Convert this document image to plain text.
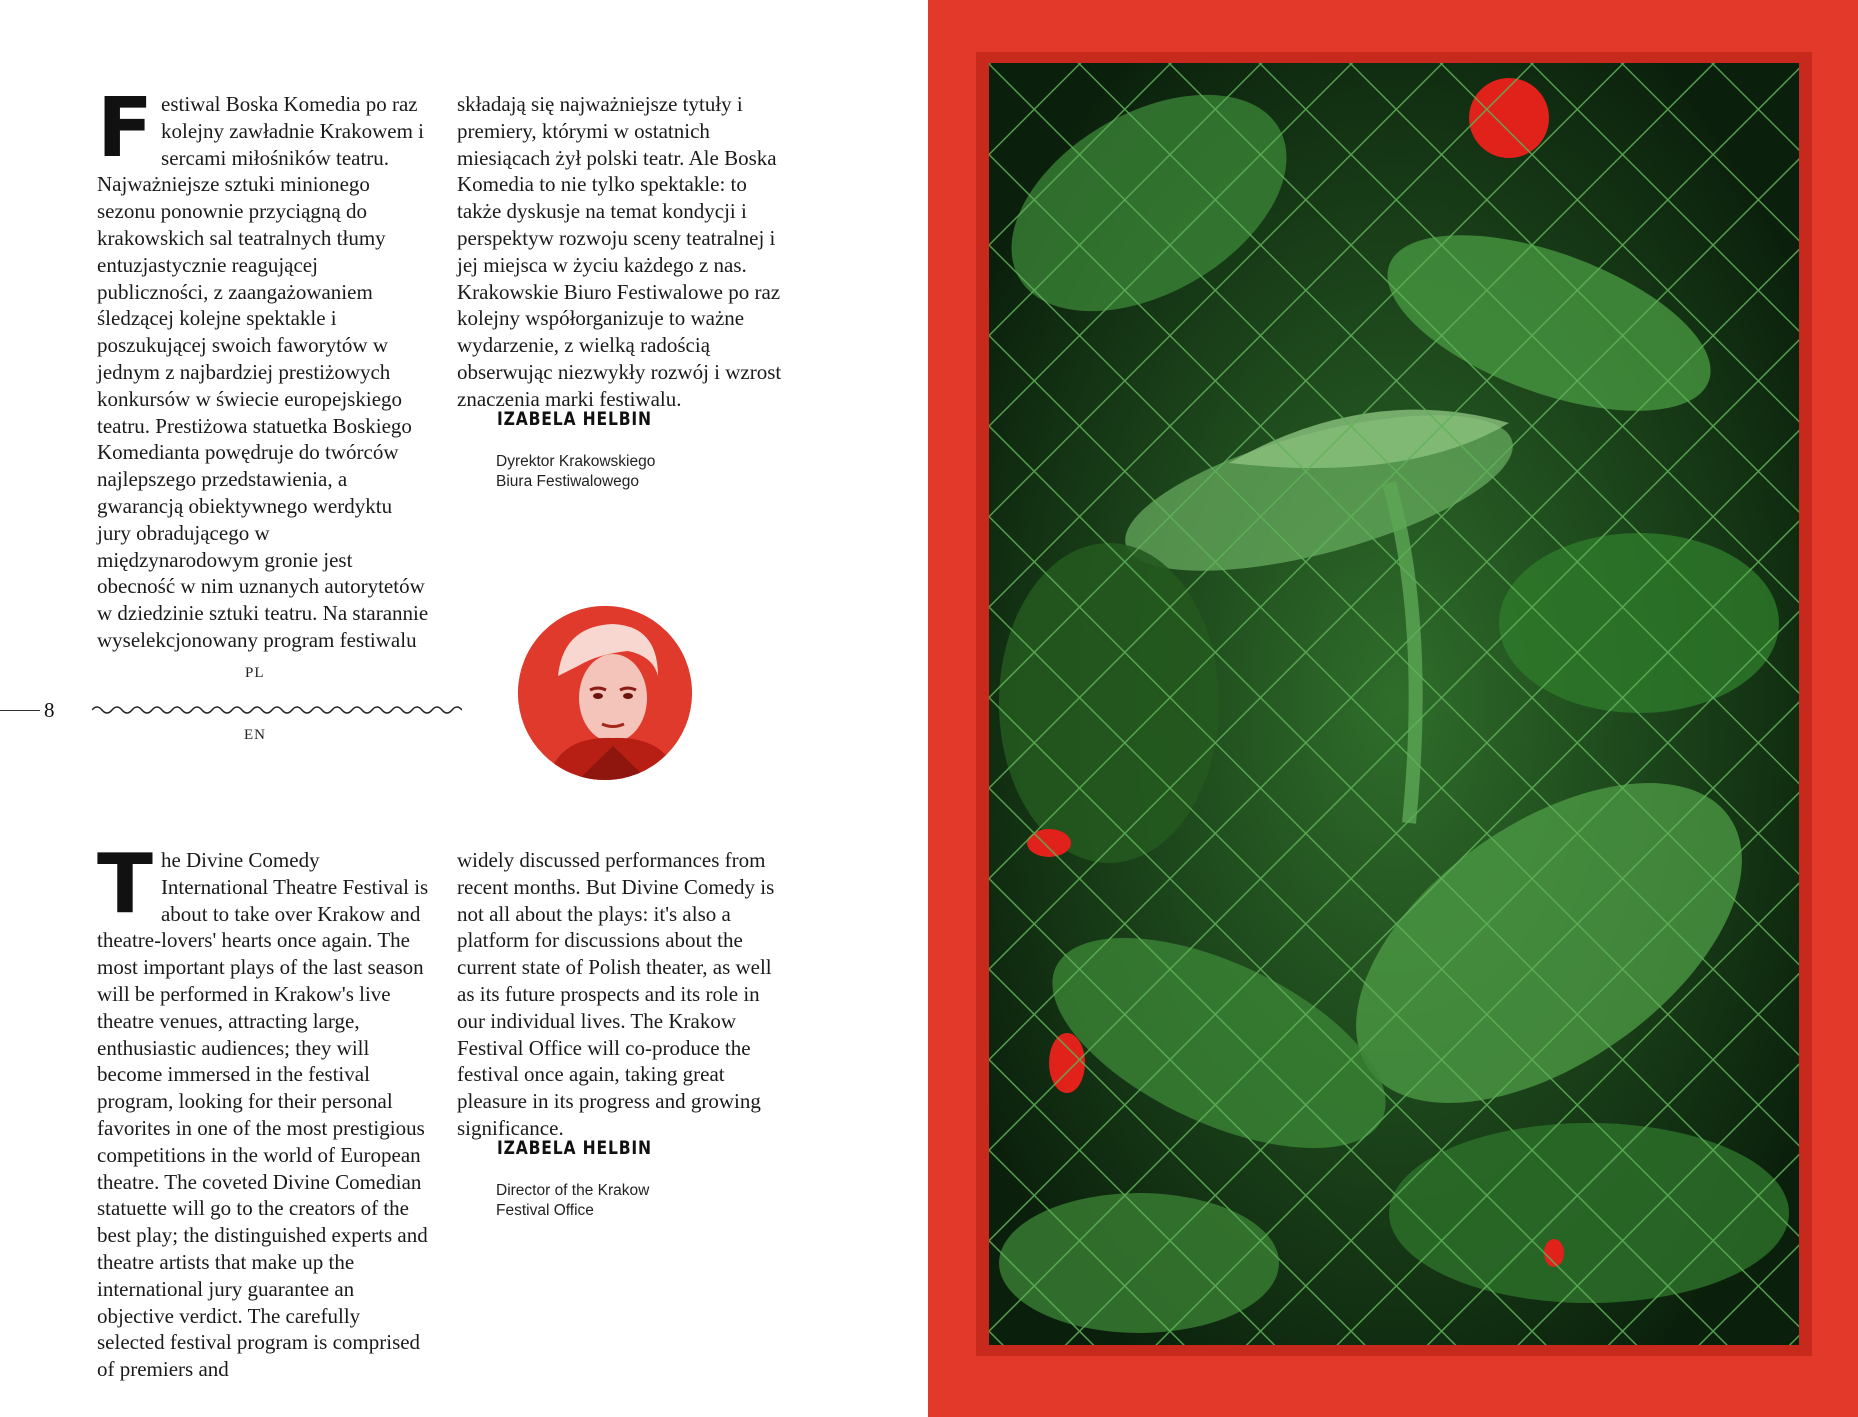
F estiwal Boska Komedia po raz kolejny zawładnie Krakowem i sercami miłośników teatru. Najważniejsze sztuki minionego sezonu ponownie przyciągną do krakowskich sal teatralnych tłumy entuzjastycznie reagującej publiczności, z zaangażowaniem śledzącej kolejne spektakle i poszukującej swoich faworytów w jednym z najbardziej prestiżowych konkursów w świecie europejskiego teatru. Prestiżowa statuetka Boskiego Komedianta powędruje do twórców najlepszego przedstawienia, a gwarancją obiektywnego werdyktu jury obradującego w międzynarodowym gronie jest obecność w nim uznanych autorytetów w dziedzinie sztuki teatru. Na starannie wyselekcjonowany program festiwalu

składają się najważniejsze tytuły i premiery, którymi w ostatnich miesiącach żył polski teatr. Ale Boska Komedia to nie tylko spektakle: to także dyskusje na temat kondycji i perspektyw rozwoju sceny teatralnej i jej miejsca w życiu każdego z nas. Krakowskie Biuro Festiwalowe po raz kolejny współorganizuje to ważne wydarzenie, z wielką radością obserwując niezwykły rozwój i wzrost znaczenia marki festiwalu.

IZABELA HELBIN
Dyrektor Krakowskiego
Biura Festiwalowego
PL
8
EN
T he Divine Comedy International Theatre Festival is about to take over Krakow and theatre-lovers' hearts once again. The most important plays of the last season will be performed in Krakow's live theatre venues, attracting large, enthusiastic audiences; they will become immersed in the festival program, looking for their personal favorites in one of the most prestigious competitions in the world of European theatre. The coveted Divine Comedian statuette will go to the creators of the best play; the distinguished experts and theatre artists that make up the international jury guarantee an objective verdict. The carefully selected festival program is comprised of premiers and

widely discussed performances from recent months. But Divine Comedy is not all about the plays: it's also a platform for discussions about the current state of Polish theater, as well as its future prospects and its role in our individual lives. The Krakow Festival Office will co-produce the festival once again, taking great pleasure in its progress and growing significance.

IZABELA HELBIN
Director of the Krakow
Festival Office
